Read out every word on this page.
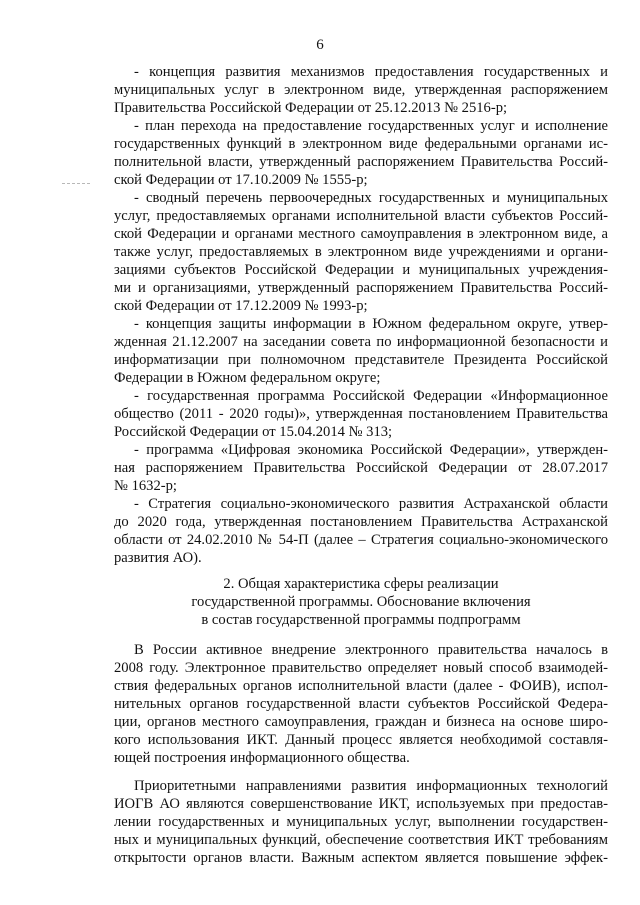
6
- концепция развития механизмов предоставления государственных и
муниципальных услуг в электронном виде, утвержденная распоряжением
Правительства Российской Федерации от 25.12.2013 № 2516-р;
- план перехода на предоставление государственных услуг и исполнение
государственных функций в электронном виде федеральными органами ис-
полнительной власти, утвержденный распоряжением Правительства Россий-
ской Федерации от 17.10.2009 № 1555-р;
- сводный перечень первоочередных государственных и муниципальных
услуг, предоставляемых органами исполнительной власти субъектов Россий-
ской Федерации и органами местного самоуправления в электронном виде, а
также услуг, предоставляемых в электронном виде учреждениями и органи-
зациями субъектов Российской Федерации и муниципальных учреждения-
ми и организациями, утвержденный распоряжением Правительства Россий-
ской Федерации от 17.12.2009 № 1993-р;
- концепция защиты информации в Южном федеральном округе, утвер-
жденная 21.12.2007 на заседании совета по информационной безопасности и
информатизации при полномочном представителе Президента Российской
Федерации в Южном федеральном округе;
- государственная программа Российской Федерации «Информационное
общество (2011 - 2020 годы)», утвержденная постановлением Правительства
Российской Федерации от 15.04.2014 № 313;
- программа «Цифровая экономика Российской Федерации», утвержден-
ная распоряжением Правительства Российской Федерации от 28.07.2017
№ 1632-р;
- Стратегия социально-экономического развития Астраханской области
до 2020 года, утвержденная постановлением Правительства Астраханской
области от 24.02.2010 № 54-П (далее – Стратегия социально-экономического
развития АО).
2. Общая характеристика сферы реализации
государственной программы. Обоснование включения
в состав государственной программы подпрограмм
В России активное внедрение электронного правительства началось в
2008 году. Электронное правительство определяет новый способ взаимодей-
ствия федеральных органов исполнительной власти (далее - ФОИВ), испол-
нительных органов государственной власти субъектов Российской Федера-
ции, органов местного самоуправления, граждан и бизнеса на основе широ-
кого использования ИКТ. Данный процесс является необходимой составля-
ющей построения информационного общества.
Приоритетными направлениями развития информационных технологий
ИОГВ АО являются совершенствование ИКТ, используемых при предостав-
лении государственных и муниципальных услуг, выполнении государствен-
ных и муниципальных функций, обеспечение соответствия ИКТ требованиям
открытости органов власти. Важным аспектом является повышение эффек-
